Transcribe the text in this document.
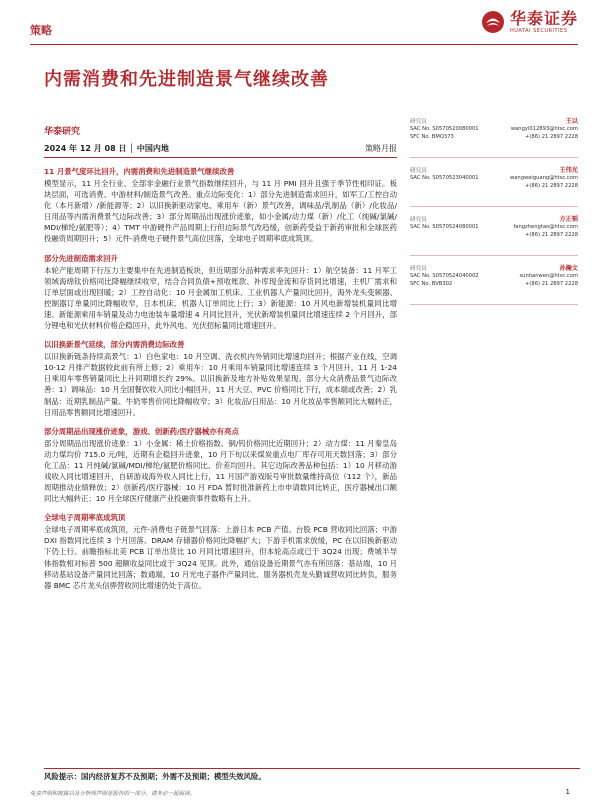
策略
华泰证券
HUATAI SECURITIES
内需消费和先进制造景气继续改善
华泰研究
2024 年 12 月 08 日 │ 中国内地	策略月报
11 月景气度环比回升，内需消费和先进制造景气继续改善
模型显示，11 月全行业、全部非金融行业景气指数继续回升，与 11 月 PMI 回升且强于季节性相印证。板块层面，可选消费、中游材料/制造景气改善。重点边际变化：1）部分先进制造需求回升，如军工/工控自动化（本月新增）/新能源等；2）以旧换新驱动家电、乘用车（新）景气改善，调味品/乳制品（新）/化妆品/日用品等内需消费景气边际改善；3）部分周期品出现涨价迹象，如小金属/动力煤（新）/化工（纯碱/氯碱/MDI/梯纶/氨肥等）；4）TMT 中游硬件产品周期上行但边际景气改趋缓，创新药受益于新药审批和全球医药投融资周期回升；5）元件-消费电子硬件景气高位回落，全球电子周期率底成筑顶。
部分先进制造需求回升
本轮产能周期下行压力主要集中在先进制造板块，但近期部分品种需求率先回升：1）航空装备：11 月军工领域海绵钛价格同比降幅继续收窄，结合合同负债+预收账款、补库现金流和存货同比增速，主机厂需求和订单层面或出现回暖；2）工控自动化：10 月金属加工机床、工业机器人产量同比回升，海外龙头变频器、控制器订单量同比降幅收窄，日本机床、机器人订单同比上行；3）新能源：10 月风电新增装机量同比增速、新能源乘用车销量及动力电池装车量增速 4 月同比回升，光伏新增装机量同比增速连续 2 个月回升，部分锂电和光伏材料价格企稳回升，此外风电、光伏招标量同比增速回升。
以旧换新景气延续，部分内需消费边际改善
以旧换新链条持续高景气：1）白色家电：10 月空调、洗衣机内外销同比增速均回升；根据产业在线，空调 10-12 月排产数据较此前有所上修；2）乘用车：10 月乘用车销量同比增速连续 3 个月回升，11 月 1-24 日乘用车零售销量同比上升同期增长约 29%。以旧换新及地方补贴效果显现。部分大众消费品景气边际改善：1）调味品：10 月全国餐饮收入同比小幅回升，11 月大豆、PVC 价格同比下行，成本端或改善；2）乳制品：近期乳制品产量、牛奶零售价同比降幅收窄；3）化妆品/日用品：10 月化妆品零售额同比大幅转正，日用品零售额同比增速回升。
部分周期品出现涨价迹象，游戏、创新药/医疗器械亦有亮点
部分周期品出现涨价迹象：1）小金属：稀土价格指数、铜/钨价格同比近期回升；2）动力煤：11 月秦皇岛动力煤均价 715.0 元/吨，近期有企稳回升迹象，10 月下旬以来煤炭重点电厂库存可用天数回落；3）部分化工品：11 月纯碱/氯碱/MDI/梯纶/氨肥价格同比、价差均回升。其它边际改善品种包括：1）10 月移动游戏收入同比增速回升，自研游戏海外收入同比上行，11 月国产游戏版号审批数量维持高位（112 个），新品周期推动业绩释放；2）创新药/医疗器械：10 月 FDA 暂时批准新药上市申请数同比转正，医疗器械出口额同比大幅转正；10 月全球医疗健康产业投融资事件数略有上升。
全球电子周期率底成筑顶
全球电子周期率底成筑顶，元件-消费电子链景气回落：上游日本 PCB 产值、台股 PCB 营收同比回落；中游 DXI 指数同比连续 3 个月回落、DRAM 存储器价格同比降幅扩大；下游手机需求放缓，PC 在以旧换新驱动下仍上行。前瞻指标北美 PCB 订单出货比 10 月同比增速回升，但本轮高点或已于 3Q24 出现；费城半导体指数相对标普 500 超额收益同比或于 3Q24 见顶。此外，通信设备近期景气亦有所回落：基站端，10 月移动基站设备产量同比回落；数通端，10 月光电子器件产量同比、服务器机壳龙头勤诚营收同比转负，服务器 BMC 芯片龙头信骅营收同比增速仍处于高位。
研究员	王以
SAC No. S0570520080001	wangyi012893@htsc.com
SFC No. BMQ373	+(86) 21 2897 2228
研究员	王伟光
SAC No. S0570523040001	wangweiguang@htsc.com
+(86) 21 2897 2228
研究员	方正韬
SAC No. S0570524080001	fangzhengtao@htsc.com
+(86) 21 2897 2228
研究员	孙瀚文
SAC No. S0570524040002	sunhanwen@htsc.com
SFC No. BVB302	+(86) 21 2897 2228
风险提示：国内经济复苏不及预期；外需不及预期；模型失效风险。
免责声明和披露以及分析师声明是报告的一部分，请务必一起阅读。	1
